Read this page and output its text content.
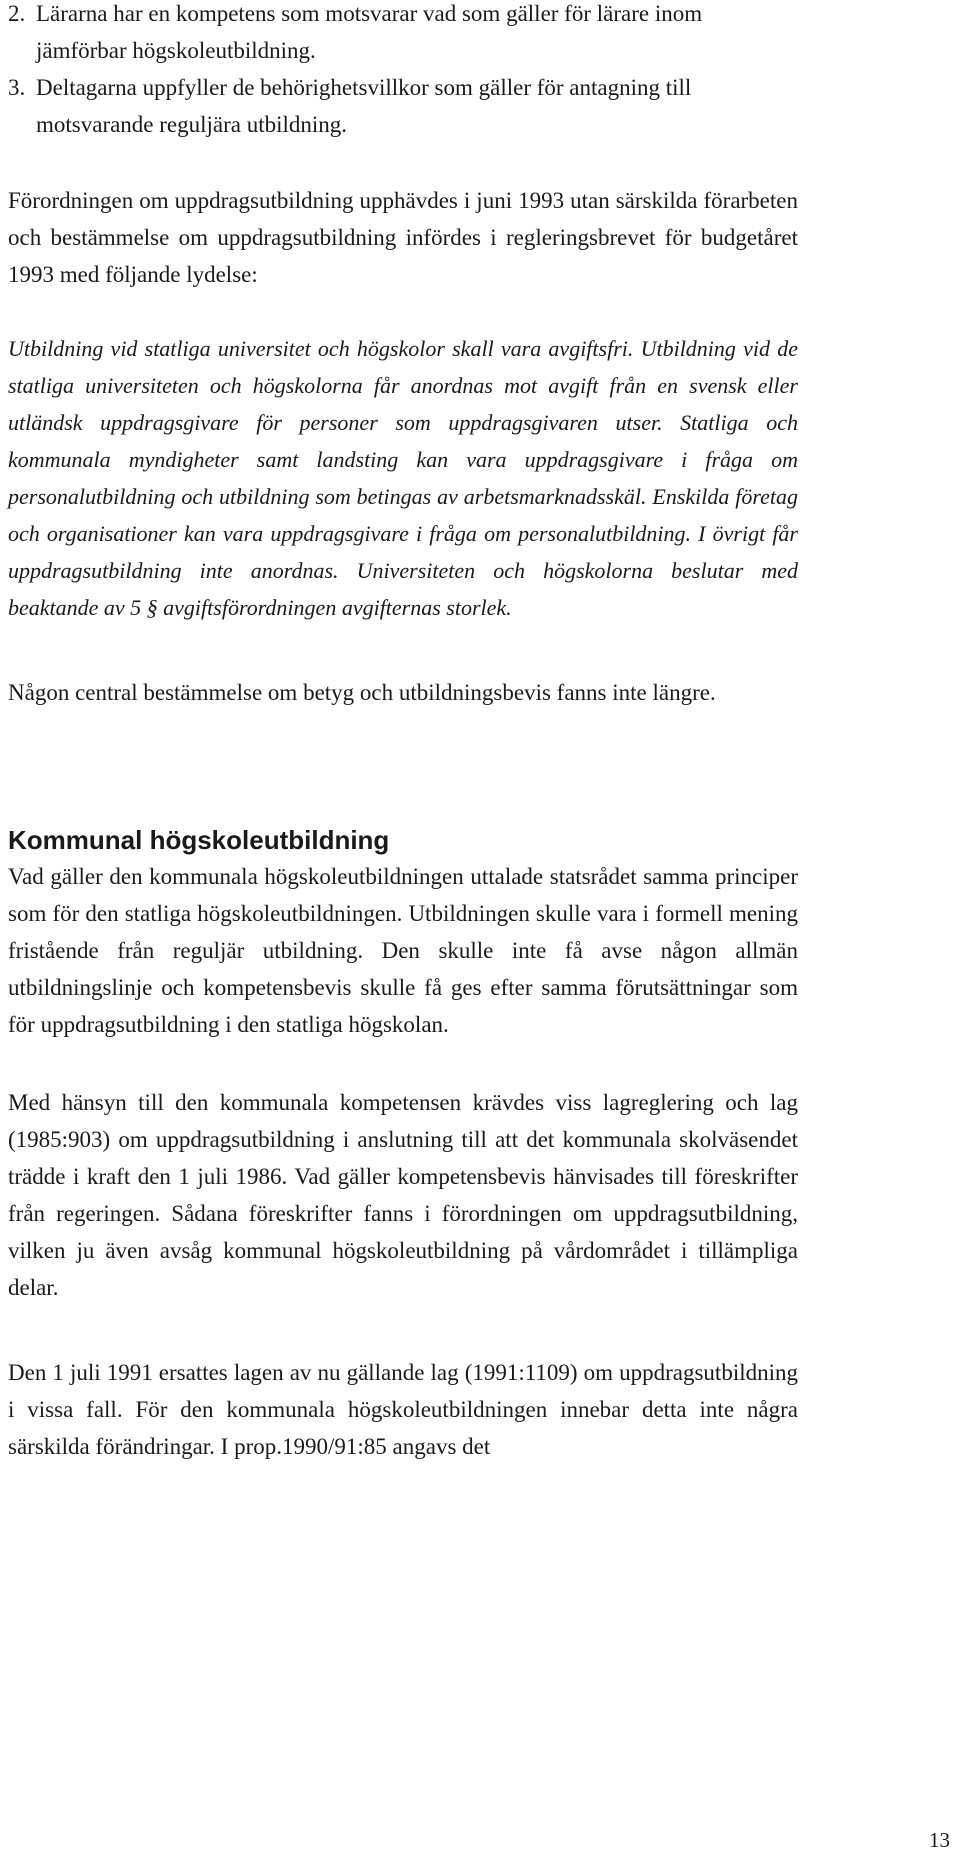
2. Lärarna har en kompetens som motsvarar vad som gäller för lärare inom jämförbar högskoleutbildning.
3. Deltagarna uppfyller de behörighetsvillkor som gäller för antagning till motsvarande reguljära utbildning.

Förordningen om uppdragsutbildning upphävdes i juni 1993 utan särskilda förarbeten och bestämmelse om uppdragsutbildning infördes i regleringsbrevet för budgetåret 1993 med följande lydelse:

Utbildning vid statliga universitet och högskolor skall vara avgiftsfri. Utbildning vid de statliga universiteten och högskolorna får anordnas mot avgift från en svensk eller utländsk uppdragsgivare för personer som uppdragsgivaren utser. Statliga och kommunala myndigheter samt landsting kan vara uppdragsgivare i fråga om personalutbildning och utbildning som betingas av arbetsmarknadsskäl. Enskilda företag och organisationer kan vara uppdragsgivare i fråga om personalutbildning. I övrigt får uppdragsutbildning inte anordnas. Universiteten och högskolorna beslutar med beaktande av 5 § avgiftsförordningen avgifternas storlek.

Någon central bestämmelse om betyg och utbildningsbevis fanns inte längre.

Kommunal högskoleutbildning

Vad gäller den kommunala högskoleutbildningen uttalade statsrådet samma principer som för den statliga högskoleutbildningen. Utbildningen skulle vara i formell mening fristående från reguljär utbildning. Den skulle inte få avse någon allmän utbildningslinje och kompetensbevis skulle få ges efter samma förutsättningar som för uppdragsutbildning i den statliga högskolan.

Med hänsyn till den kommunala kompetensen krävdes viss lagreglering och lag (1985:903) om uppdragsutbildning i anslutning till att det kommunala skolväsendet trädde i kraft den 1 juli 1986. Vad gäller kompetensbevis hänvisades till föreskrifter från regeringen. Sådana föreskrifter fanns i förordningen om uppdragsutbildning, vilken ju även avsåg kommunal högskoleutbildning på vårdområdet i tillämpliga delar.

Den 1 juli 1991 ersattes lagen av nu gällande lag (1991:1109) om uppdragsutbildning i vissa fall. För den kommunala högskoleutbildningen innebar detta inte några särskilda förändringar. I prop.1990/91:85 angavs det

13
